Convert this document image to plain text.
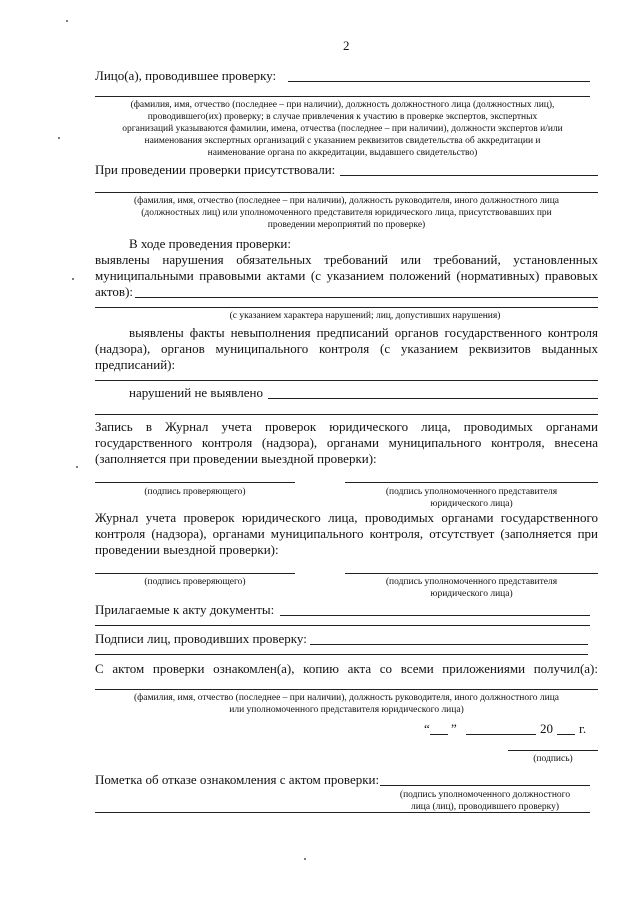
2
Лицо(а), проводившее проверку:
(фамилия, имя, отчество (последнее – при наличии), должность должностного лица (должностных лиц),
проводившего(их) проверку; в случае привлечения к участию в проверке экспертов, экспертных
организаций указываются фамилии, имена, отчества (последнее – при наличии), должности экспертов и/или
наименования экспертных организаций с указанием реквизитов свидетельства об аккредитации и
наименование органа по аккредитации, выдавшего свидетельство)
При проведении проверки присутствовали:
(фамилия, имя, отчество (последнее – при наличии), должность руководителя, иного должностного лица
(должностных лиц) или уполномоченного представителя юридического лица, присутствовавших при
проведении мероприятий по проверке)
В ходе проведения проверки:
выявлены нарушения обязательных требований или требований, установленных
муниципальными правовыми актами (с указанием положений (нормативных) правовых
актов):
(с указанием характера нарушений; лиц, допустивших нарушения)
выявлены факты невыполнения предписаний органов государственного контроля
(надзора), органов муниципального контроля (с указанием реквизитов выданных
предписаний):
нарушений не выявлено
Запись в Журнал учета проверок юридического лица, проводимых органами
государственного контроля (надзора), органами муниципального контроля, внесена
(заполняется при проведении выездной проверки):
(подпись проверяющего)	(подпись уполномоченного представителя
юридического лица)
Журнал учета проверок юридического лица, проводимых органами государственного
контроля (надзора), органами муниципального контроля, отсутствует (заполняется при
проведении выездной проверки):
(подпись проверяющего)	(подпись уполномоченного представителя
юридического лица)
Прилагаемые к акту документы:
Подписи лиц, проводивших проверку:
С актом проверки ознакомлен(а), копию акта со всеми приложениями получил(а):
(фамилия, имя, отчество (последнее – при наличии), должность руководителя, иного должностного лица
или уполномоченного представителя юридического лица)
“ ”	20 г.
(подпись)
Пометка об отказе ознакомления с актом проверки:
(подпись уполномоченного должностного
лица (лиц), проводившего проверку)
